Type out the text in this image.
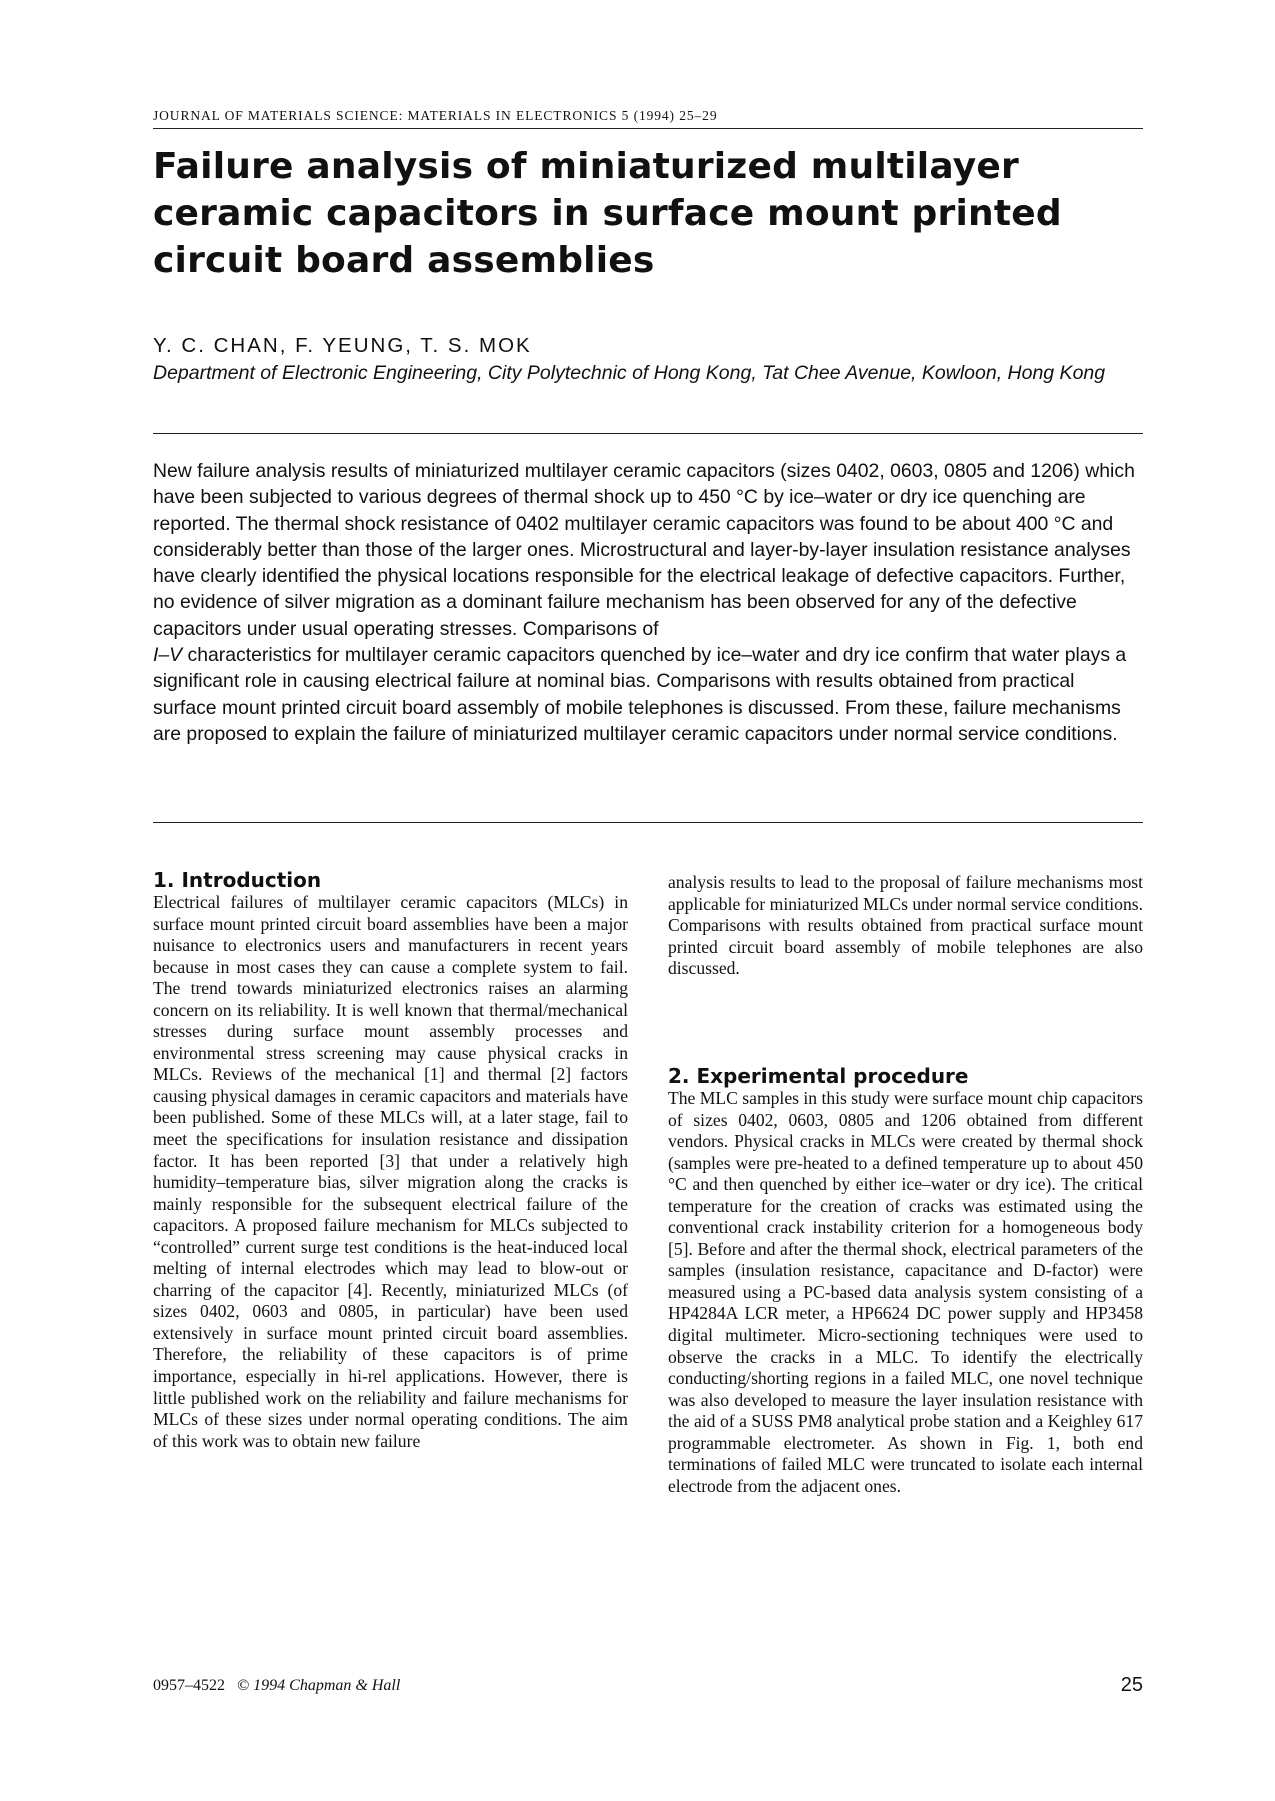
JOURNAL OF MATERIALS SCIENCE: MATERIALS IN ELECTRONICS 5 (1994) 25–29
Failure analysis of miniaturized multilayer ceramic capacitors in surface mount printed circuit board assemblies
Y. C. CHAN, F. YEUNG, T. S. MOK
Department of Electronic Engineering, City Polytechnic of Hong Kong, Tat Chee Avenue, Kowloon, Hong Kong

New failure analysis results of miniaturized multilayer ceramic capacitors (sizes 0402, 0603, 0805 and 1206) which have been subjected to various degrees of thermal shock up to 450 °C by ice–water or dry ice quenching are reported. The thermal shock resistance of 0402 multilayer ceramic capacitors was found to be about 400 °C and considerably better than those of the larger ones. Microstructural and layer-by-layer insulation resistance analyses have clearly identified the physical locations responsible for the electrical leakage of defective capacitors. Further, no evidence of silver migration as a dominant failure mechanism has been observed for any of the defective capacitors under usual operating stresses. Comparisons of
I–V characteristics for multilayer ceramic capacitors quenched by ice–water and dry ice confirm that water plays a significant role in causing electrical failure at nominal bias. Comparisons with results obtained from practical surface mount printed circuit board assembly of mobile telephones is discussed. From these, failure mechanisms are proposed to explain the failure of miniaturized multilayer ceramic capacitors under normal service conditions.

1. Introduction

Electrical failures of multilayer ceramic capacitors (MLCs) in surface mount printed circuit board assemblies have been a major nuisance to electronics users and manufacturers in recent years because in most cases they can cause a complete system to fail. The trend towards miniaturized electronics raises an alarming concern on its reliability. It is well known that thermal/mechanical stresses during surface mount assembly processes and environmental stress screening may cause physical cracks in MLCs. Reviews of the mechanical [1] and thermal [2] factors causing physical damages in ceramic capacitors and materials have been published. Some of these MLCs will, at a later stage, fail to meet the specifications for insulation resistance and dissipation factor. It has been reported [3] that under a relatively high humidity–temperature bias, silver migration along the cracks is mainly responsible for the subsequent electrical failure of the capacitors. A proposed failure mechanism for MLCs subjected to “controlled” current surge test conditions is the heat-induced local melting of internal electrodes which may lead to blow-out or charring of the capacitor [4]. Recently, miniaturized MLCs (of sizes 0402, 0603 and 0805, in particular) have been used extensively in surface mount printed circuit board assemblies. Therefore, the reliability of these capacitors is of prime importance, especially in hi-rel applications. However, there is little published work on the reliability and failure mechanisms for MLCs of these sizes under normal operating conditions. The aim of this work was to obtain new failure

analysis results to lead to the proposal of failure mechanisms most applicable for miniaturized MLCs under normal service conditions. Comparisons with results obtained from practical surface mount printed circuit board assembly of mobile telephones are also discussed.

2. Experimental procedure

The MLC samples in this study were surface mount chip capacitors of sizes 0402, 0603, 0805 and 1206 obtained from different vendors. Physical cracks in MLCs were created by thermal shock (samples were pre-heated to a defined temperature up to about 450 °C and then quenched by either ice–water or dry ice). The critical temperature for the creation of cracks was estimated using the conventional crack instability criterion for a homogeneous body [5]. Before and after the thermal shock, electrical parameters of the samples (insulation resistance, capacitance and D-factor) were measured using a PC-based data analysis system consisting of a HP4284A LCR meter, a HP6624 DC power supply and HP3458 digital multimeter. Micro-sectioning techniques were used to observe the cracks in a MLC. To identify the electrically conducting/shorting regions in a failed MLC, one novel technique was also developed to measure the layer insulation resistance with the aid of a SUSS PM8 analytical probe station and a Keighley 617 programmable electrometer. As shown in Fig. 1, both end terminations of failed MLC were truncated to isolate each internal electrode from the adjacent ones.

0957–4522 © 1994 Chapman & Hall	25
